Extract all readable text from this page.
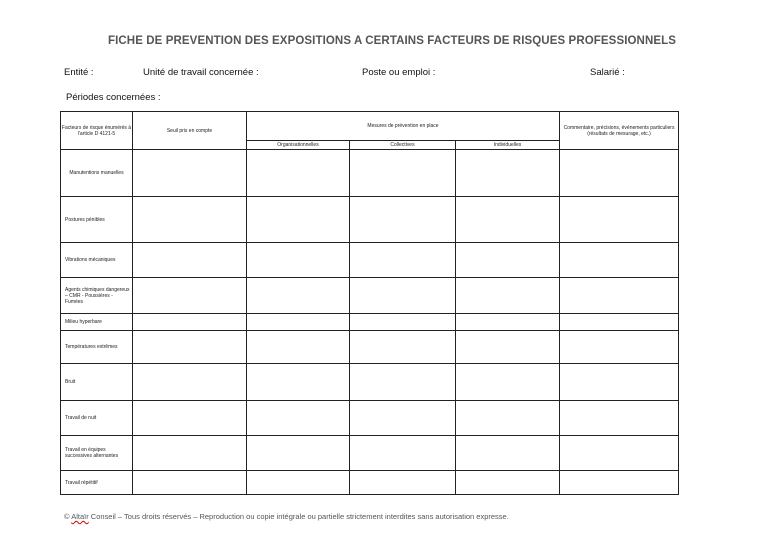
FICHE DE PREVENTION DES EXPOSITIONS A CERTAINS FACTEURS DE RISQUES PROFESSIONNELS
Entité :	Unité de travail concernée :	Poste ou emploi :	Salarié :
Périodes concernées :
Facteurs de risque énumérés à l'article D 4121-5	Seuil pris en compte	Mesures de prévention en place			Commentaire, précisions, événements particuliers (résultats de mesurage, etc.)
		Organisationnelles	Collectives	Individuelles	
Manutentions manuelles					
Postures pénibles					
Vibrations mécaniques					
Agents chimiques dangereux – CMR - Poussières - Fumées					
Milieu hyperbare					
Températures extrêmes					
Bruit					
Travail de nuit					
Travail en équipes successives alternantes					
Travail répétitif					
© Altaïr Conseil – Tous droits réservés – Reproduction ou copie intégrale ou partielle strictement interdites sans autorisation expresse.
